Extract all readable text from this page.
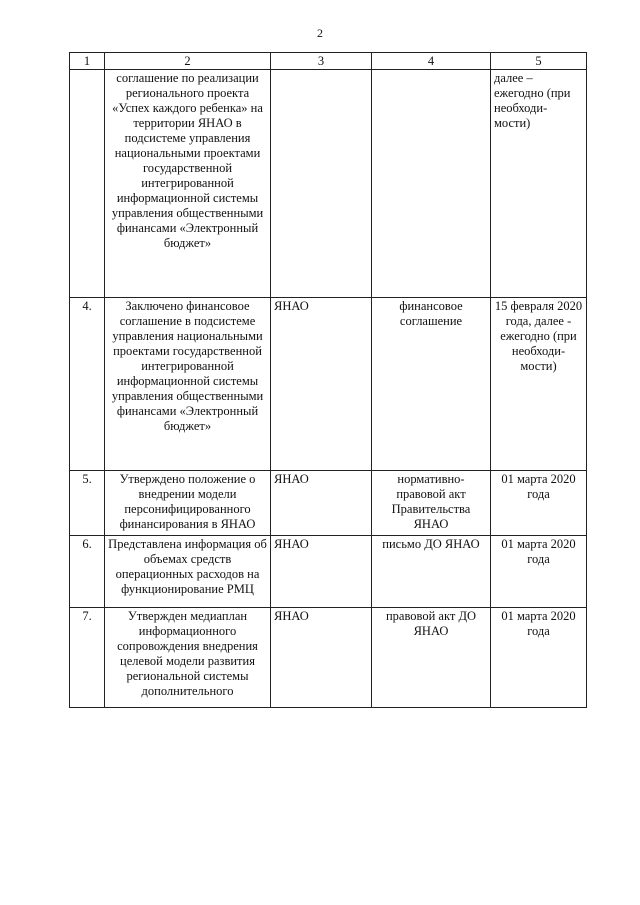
2
1	2	3	4	5
	соглашение по реализации регионального проекта «Успех каждого ребенка» на территории ЯНАО в подсистеме управления национальными проектами государственной интегрированной информационной системы управления общественными финансами «Электронный бюджет»			далее – ежегодно (при необходи-мости)
4.	Заключено финансовое соглашение в подсистеме управления национальными проектами государственной интегрированной информационной системы управления общественными финансами «Электронный бюджет»	ЯНАО	финансовое соглашение	15 февраля 2020 года, далее - ежегодно (при необходи-мости)
5.	Утверждено положение о внедрении модели персонифицированного финансирования в ЯНАО	ЯНАО	нормативно-правовой акт Правительства ЯНАО	01 марта 2020 года
6.	Представлена информация об объемах средств операционных расходов на функционирование РМЦ	ЯНАО	письмо ДО ЯНАО	01 марта 2020 года
7.	Утвержден медиаплан информационного сопровождения внедрения целевой модели развития региональной системы дополнительного	ЯНАО	правовой акт ДО ЯНАО	01 марта 2020 года
